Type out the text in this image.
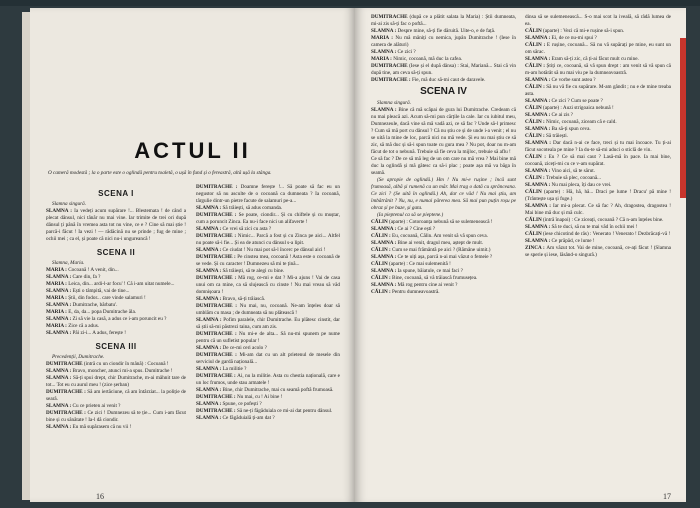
ACTUL II

O cameră modestă ; la o parte este o oglindă pentru toaletă, o ușă în fund și o fereastră, altă ușă la stânga.

SCENA I

Slamna singură.

SLAMNA : Ia vedeți acum supărare !... Blestemata ! de când a plecat dânsul, nici tânăr nu mai vine. Iar trimite de trei ori după dânsul ți până în vremea asta tot nu vine, ce e ? Cine să mai știe ! parcă-i făcut ! Ia vezi ! — rădăcină nu se prinde ; fug de mine ; ochii mei ; ca el, și poate că nici nu-i ungureancă !

SCENA II

Slamna, Maria.

MARIA : Cocoană ! A venit, din...

SLAMNA : Care din, fa ?

MARIA : Leica, din... ardi-l-ar focu' ! Că i-am uitat numele...

SLAMNA : Ești o tâmpită, vai de tine...

MARIA : Știi, din fodor... care vinde salamuri !

SLAMNA : Dumitrache, bărbatu'.

MARIA : E, da, da... popa Dumitrache ăla.

SLAMNA : Zi să vie la casă, a adus ce i-am poruncit eu ?

MARIA : Zice că a adus.

SLAMNA : Păi zi-i... A adus, fereștе !

SCENA III

Precedenții, Dumitrache.

DUMITRACHE (intră cu un ciondir în mână) : Cocoană !

SLAMNA : Bravo, moncher, atunci mi-a spus. Dumitrache !

SLAMNA : Să-ți spui drept, chir Dumitrache, m-ai mâhnit tare de tot... Tot eu cu aurul meu ! (zice șerban)

DUMITRACHE : Să am iertăciune, că am întârziat... la poliție de seară.

SLAMNA : Cu ce prieten ai venit ?

DUMITRACHE : Ce zici ! Dumnezeu să te ție... Cum i-am făcut bine și cu sănătate ! Ia-l dă ciondir.

SLAMNA : Eu mă supărasem că nu vii !

DUMITRACHE : Doamne ferește !... Să poate să fac eu un negustor să nu asculte de o cocoană ca dumneata ? Ia cocoană, târgulie dintr-un pietre facute de salamuri pe-a...

SLAMNA : Să trăiești, să adus comanda.

DUMITRACHE : Se poate, ciondir... Și cu chiftele și cu muștar, cum a poruncit Zinca. Ea nu-i face nici un alifaverte !

SLAMNA : Ce vrei să zici cu asta ?

DUMITRACHE : Nimic... Parcă a fost și cu Zinca pe aici... Altfel nu poate să-i fie... Și ea de atunci cu dânsul s-a lipit.

SLAMNA : Ce ciudat ! Nu mai pot să-l încerc pe dânsul aici !

DUMITRACHE : Pe cinstea mea, cocoană ! Asta este o cocoană de se vede. Și cu caracter ! Dumnezeu să mi te țină...

SLAMNA : Să trăiești, să te alegi cu bine.

DUMITRACHE : Mă rog, ce-mi e dat ? Mi-a ajuns ! Vai de casa unui om ca mine, ca să slujească cu cinste ! Nu mai vreau să văd domnișoara !

SLAMNA : Bravo, să-ți trăiască.

DUMITRACHE : Nu mai, nu, cocoană. Ne-am înțeles doar să umblăm cu masa ; de dumneata să nu plătească !

SLAMNA : Pofim paralele, chir Dumitrache. Eu plătesc cinstit, dar să știi să-mi păstrezi taina, cum am zis.

DUMITRACHE : Nu mi-e de alta... Să nu-mi spunem pe nume pentru că un sufletist popular !

SLAMNA : De ce-mi ceri acolo ?

DUMITRACHE : Mi-am dat cu un alt prietenul de mesele din serviciul de gardă națională...

SLAMNA : La militie ?

DUMITRACHE : Ai, nu la militie. Asta cu chestia națională, care e un loc frumos, unde stau armatele !

SLAMNA : Bine, chir Dumitrache, mai cu seamă poftă frumoasă.

DUMITRACHE : Nu mai, cu ! Ai bine !

SLAMNA : Spune, ce pofești ?

DUMITRACHE : Să ne-ți făgăduiala ce mi-ai dat pentru dânsul.

SLAMNA : Ce făgăduială ți-am dat ?

16

DUMITRACHE (după ce a plătit salata la Maria) : Știi dumneata, mi-ai zis să-ți fac o poftă...

SLAMNA : Despre mine, să-ți fie dăruită. Uite-o, e de față.

MARIA : Nu mă mâniți cu nemica, jupân Dumitrache ! (Iese în camera de alături)

SLAMNA : Ce zici ?

MARIA : Nimic, cocoană, mă duc la cafea.

DUMITRACHE (Iese și el după dânsa) : Stai, Mariană... Stai că vin după tine, am ceva să-ți spun.

DUMITRACHE : Fie, mă duc să-mi caut de daravele.

SCENA IV

Slamna singură.

SLAMNA : Bine că mă scăpai de gura lui Dumitrache. Credeam că nu mai pleacă azi. Acum să-mi pun cărțile la cale. Iar cu iubitul meu, Dumnezeule, dacă vine să mă vadă azi, ce să fac ? Unde să-l primesc ? Cum să mă port cu dânsul ? Că nu știu ce și de unde i-a venit ; el nu se uită la mine de loc, parcă nici nu mă vede. Și eu nu mai știu ce să zic, să mă duc și să-i spun toate cu gura mea ? Nu pot, doar nu m-am făcut de tot o nebună. Trebuie să fie ceva la mijloc, trebuie să aflu !

Ce să fac ? De ce să mă leg de un om care nu mă vrea ? Mai bine mă duc la oglindă și mă gătesc ca să-i plac ; poate așa mă va băga în seamă.

(Se apropie de oglindă.) Hm ! Nu mi-e rușine ; încă sunt frumoasă, albă și rumenă ca un măr. Mai trag o dată cu sprânceana. Ce zici ? (Se uită în oglindă.) Ah, dar ce văd ! Nu mai știu, am îmbătrânit ? Nu, nu, e numai părerea mea. Să mai pun puțin roșu pe obraz și pe buze, și gata.

(Ia pieptenul ca să se pieptene.)

CĂLIN (aparte) : Cotoroanța nebună să se sulemenească !

SLAMNA : Ce ai ? Cine ești ?

CĂLIN : Eu, cocoană, Călin. Am venit să vă spun ceva.

SLAMNA : Bine ai venit, dragul meu, aștept de mult.

CĂLIN : Cum se mai frământă pe aici ? (Rămâne uimit.)

SLAMNA : Ce te uiți așa, parcă n-ai mai văzut o femeie ?

CĂLIN (aparte) : Ce mai sulemenită !

SLAMNA : Ia spune, băiatule, ce mai faci ?

CĂLIN : Bine, cocoană, să vă trăiască frumusețea.

SLAMNA : Mă rog pentru cine ai venit ?

CĂLIN : Pentru dumneavoastră.

dinsa să se sulemenească... S-o mai scot la iveală, să râdă lumea de ea.

CĂLIN (aparte) : Vezi că mi-e rușine să-i spun.

SLAMNA : Ei, de ce nu-mi spui ?

CĂLIN : E rușine, cocoană... Să nu vă supărați pe mine, eu sunt un om sărac.

SLAMNA : Eram să-ți zic, că ți-ai făcut mult cu mine.

CĂLIN : Știți ce, cocoană, să vă spun drept : am venit să vă spun că m-am hotărât să nu mai viu pe la dumneavoastră.

SLAMNA : Ce vorbe sunt astea ?

CĂLIN : Să nu vă fie cu supărare. M-am gândit ; nu e de mine treaba asta.

SLAMNA : Ce zici ? Cum se poate ?

CĂLIN (aparte) : Auzi strigoaica nebună !

SLAMNA : Ce ai zis ?

CĂLIN : Nimic, cocoană, ziceam că e cald.

SLAMNA : Ba să-ți spun ceva.

CĂLIN : Să trăiești.

SLAMNA : Dar dacă n-ai ce face, treci și tu mai încoace. Tu ți-ai făcut socoteala pe mine ? Ia du-te să-mi aduci o sticlă de vin.

CĂLIN : Eu ? Ce să mai caut ? Lasă-mă în pace. Ia mai bine, cocoană, ziceți-mi cu ce v-am supărat.

SLAMNA : Vino aici, să te sărut.

CĂLIN : Trebuie să plec, cocoană...

SLAMNA : Nu mai pleca, îți dau ce vrei.

CĂLIN (aparte) : Hă, hă, hă... Draci pe lume ! Dracu' pă mine ! (Trântește ușa și fuge.)

SLAMNA : Iar mi-a plecat. Ce să fac ? Ah, dragostea, dragostea ! Mai bine mă duc și mă culc.

CĂLIN (intră înapoi) : Ce ziceați, cocoană ? Că n-am înțeles bine.

SLAMNA : Să te duci, să nu te mai văd în ochii mei !

CĂLIN (iese chicotind de râs) : Venerato ! Venerato ! Dezbrăcați-vă !

SLAMNA : Ce prăpăd, ce lume !

ZINCA : Am văzut tot. Vai de mine, cocoană, ce-ați făcut ! (Slamna se sperie și iese, lăsând-o singură.)

17
